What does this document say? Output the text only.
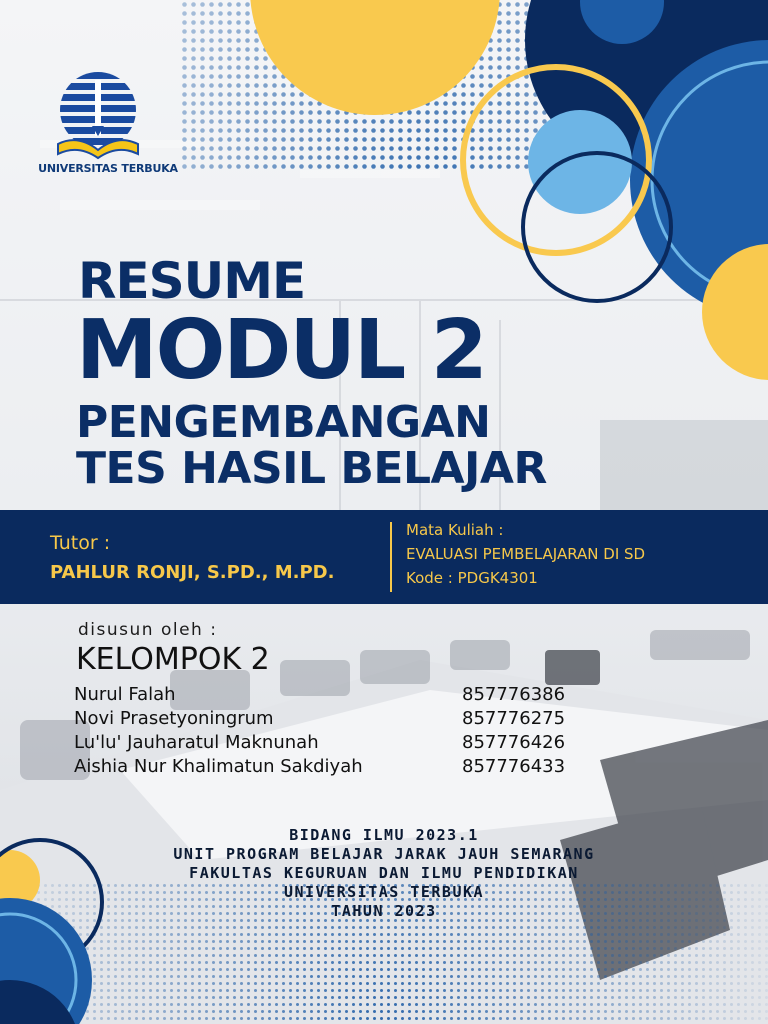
UNIVERSITAS TERBUKA
RESUME
MODUL 2
PENGEMBANGAN
TES HASIL BELAJAR
Tutor :
PAHLUR RONJI, S.PD., M.PD.
Mata Kuliah :
EVALUASI PEMBELAJARAN DI SD
Kode : PDGK4301
disusun oleh :
KELOMPOK 2
Nurul Falah	857776386
Novi Prasetyoningrum	857776275
Lu'lu' Jauharatul Maknunah	857776426
Aishia Nur Khalimatun Sakdiyah	857776433
BIDANG ILMU 2023.1
UNIT PROGRAM BELAJAR JARAK JAUH SEMARANG
FAKULTAS KEGURUAN DAN ILMU PENDIDIKAN
UNIVERSITAS TERBUKA
TAHUN 2023
